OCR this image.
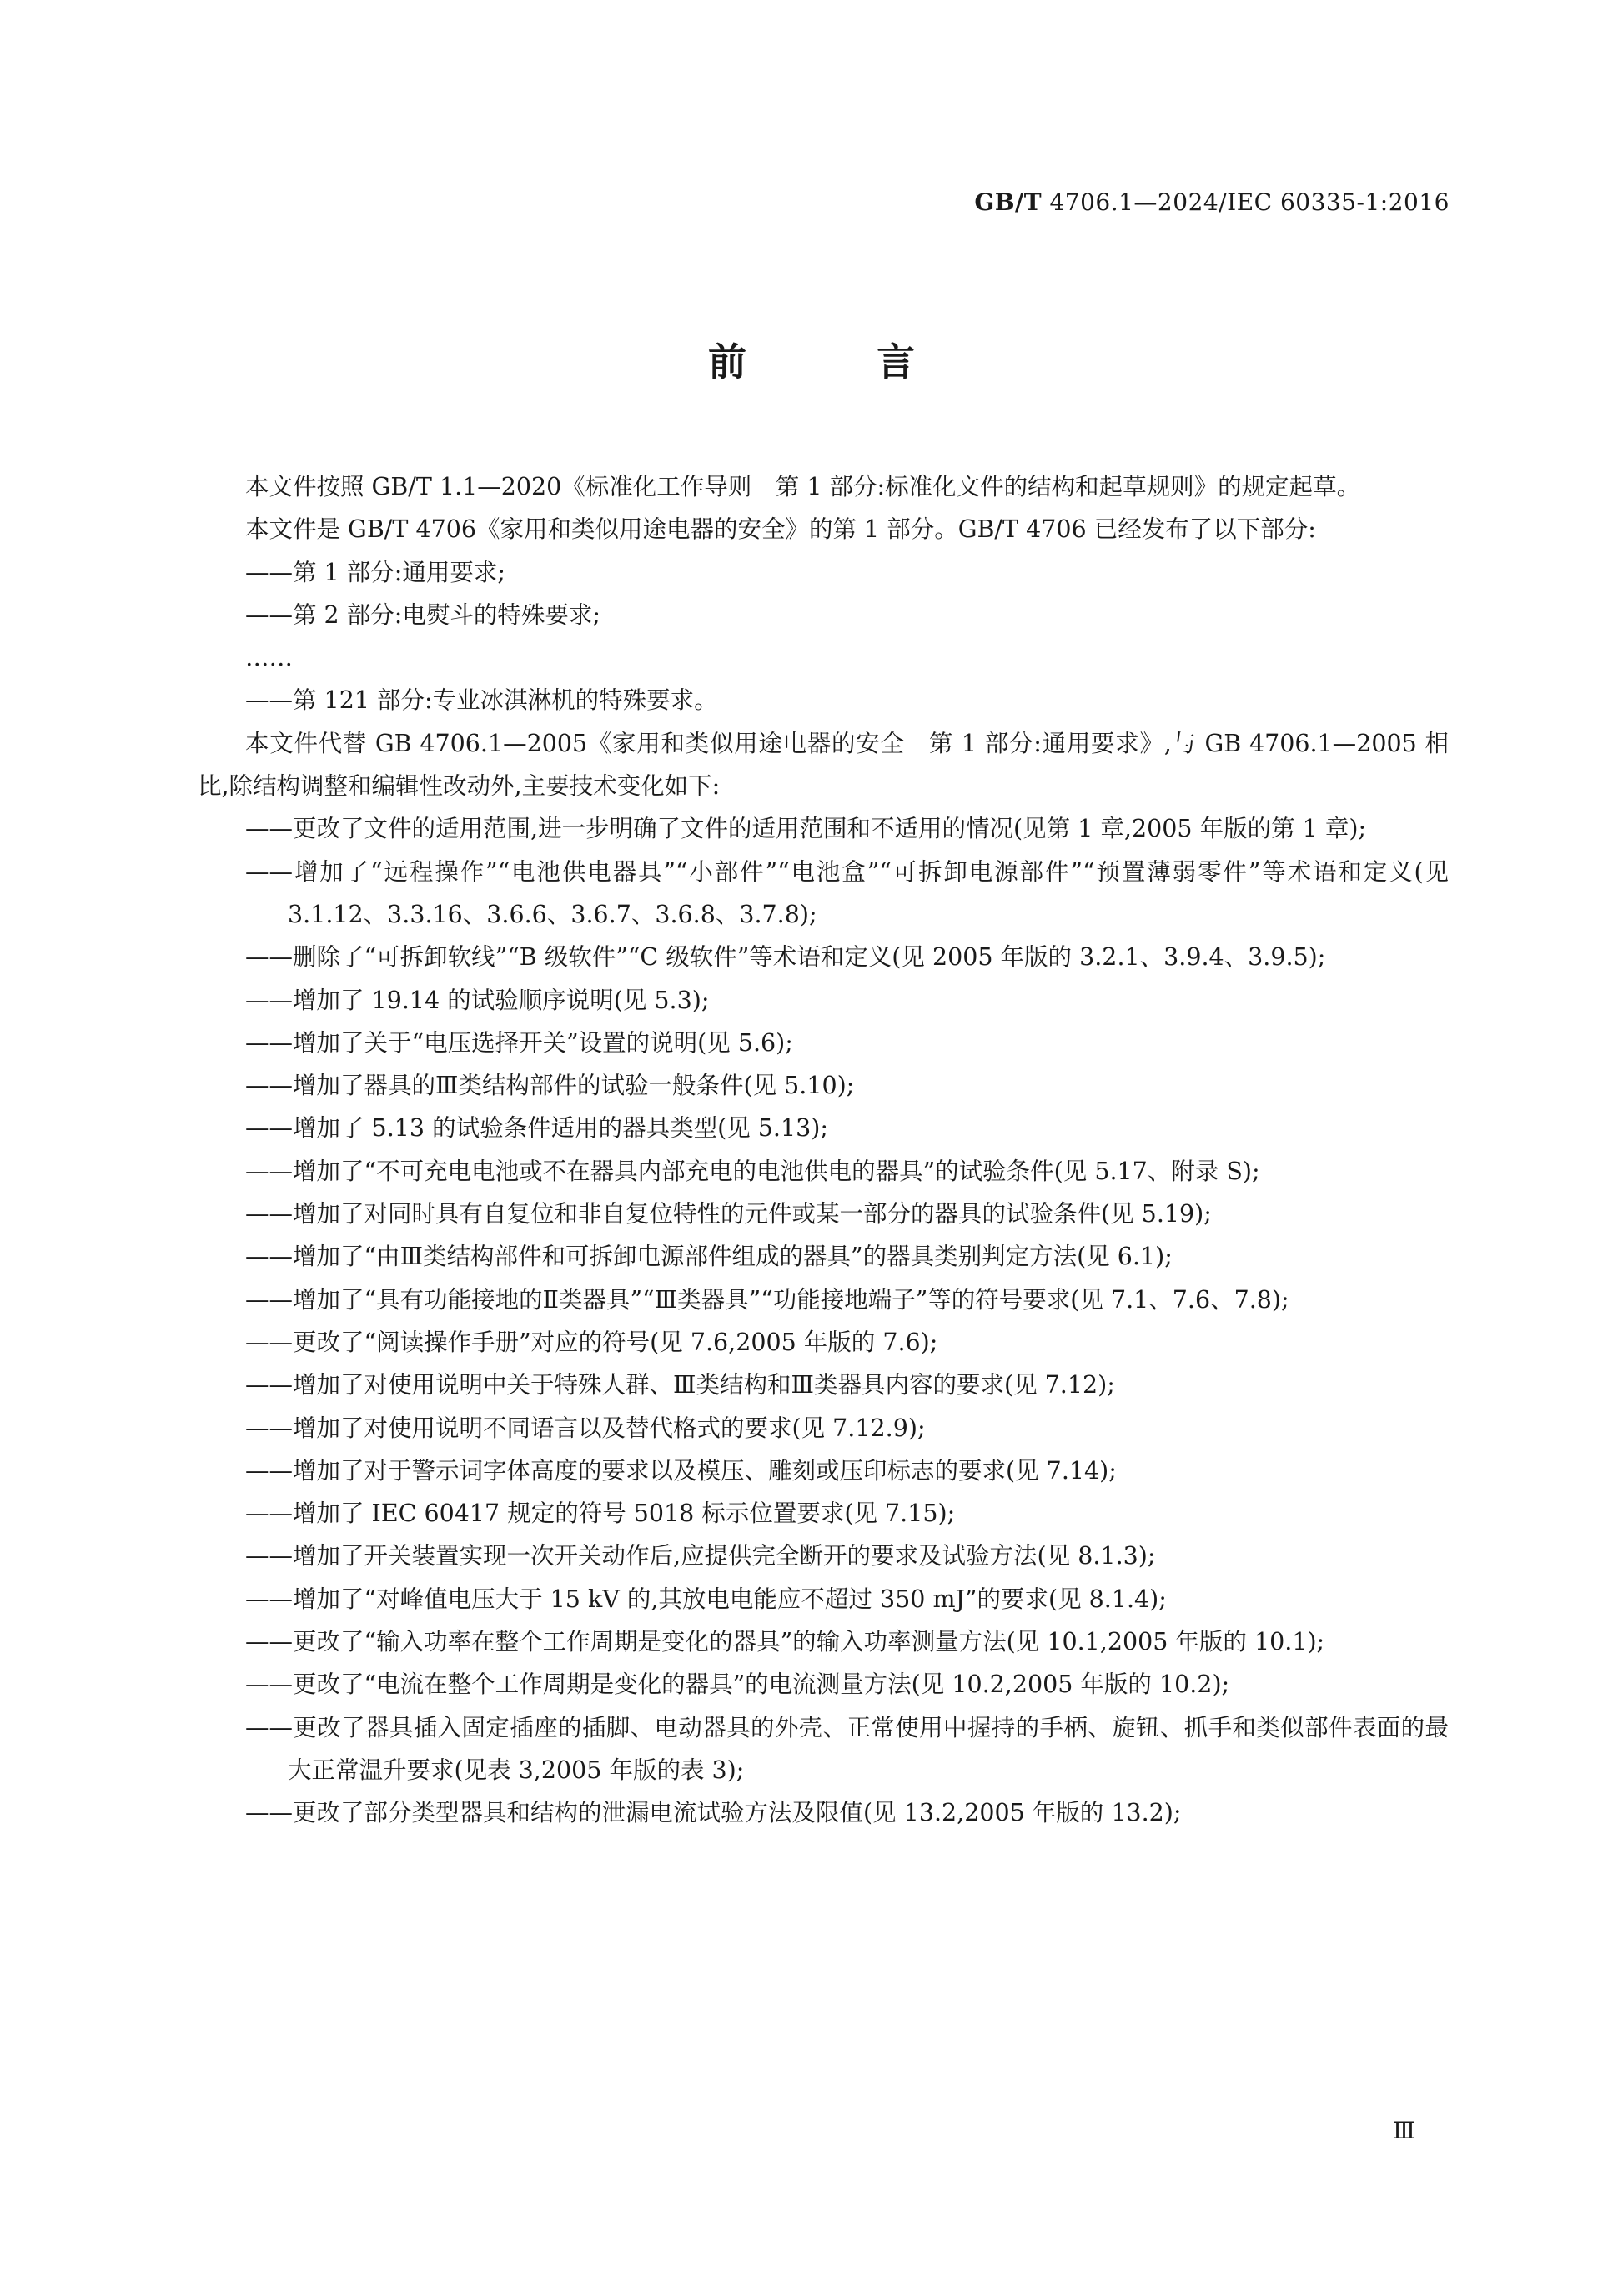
GB/T 4706.1—2024/IEC 60335-1:2016
前 言

本文件按照 GB/T 1.1—2020《标准化工作导则　第 1 部分:标准化文件的结构和起草规则》的规定起草。

本文件是 GB/T 4706《家用和类似用途电器的安全》的第 1 部分。GB/T 4706 已经发布了以下部分:

——第 1 部分:通用要求;

——第 2 部分:电熨斗的特殊要求;

……

——第 121 部分:专业冰淇淋机的特殊要求。

本文件代替 GB 4706.1—2005《家用和类似用途电器的安全　第 1 部分:通用要求》,与 GB 4706.1—2005 相比,除结构调整和编辑性改动外,主要技术变化如下:

——更改了文件的适用范围,进一步明确了文件的适用范围和不适用的情况(见第 1 章,2005 年版的第 1 章);

——增加了“远程操作”“电池供电器具”“小部件”“电池盒”“可拆卸电源部件”“预置薄弱零件”等术语和定义(见 3.1.12、3.3.16、3.6.6、3.6.7、3.6.8、3.7.8);

——删除了“可拆卸软线”“B 级软件”“C 级软件”等术语和定义(见 2005 年版的 3.2.1、3.9.4、3.9.5);

——增加了 19.14 的试验顺序说明(见 5.3);

——增加了关于“电压选择开关”设置的说明(见 5.6);

——增加了器具的Ⅲ类结构部件的试验一般条件(见 5.10);

——增加了 5.13 的试验条件适用的器具类型(见 5.13);

——增加了“不可充电电池或不在器具内部充电的电池供电的器具”的试验条件(见 5.17、附录 S);

——增加了对同时具有自复位和非自复位特性的元件或某一部分的器具的试验条件(见 5.19);

——增加了“由Ⅲ类结构部件和可拆卸电源部件组成的器具”的器具类别判定方法(见 6.1);

——增加了“具有功能接地的Ⅱ类器具”“Ⅲ类器具”“功能接地端子”等的符号要求(见 7.1、7.6、7.8);

——更改了“阅读操作手册”对应的符号(见 7.6,2005 年版的 7.6);

——增加了对使用说明中关于特殊人群、Ⅲ类结构和Ⅲ类器具内容的要求(见 7.12);

——增加了对使用说明不同语言以及替代格式的要求(见 7.12.9);

——增加了对于警示词字体高度的要求以及模压、雕刻或压印标志的要求(见 7.14);

——增加了 IEC 60417 规定的符号 5018 标示位置要求(见 7.15);

——增加了开关装置实现一次开关动作后,应提供完全断开的要求及试验方法(见 8.1.3);

——增加了“对峰值电压大于 15 kV 的,其放电电能应不超过 350 mJ”的要求(见 8.1.4);

——更改了“输入功率在整个工作周期是变化的器具”的输入功率测量方法(见 10.1,2005 年版的 10.1);

——更改了“电流在整个工作周期是变化的器具”的电流测量方法(见 10.2,2005 年版的 10.2);

——更改了器具插入固定插座的插脚、电动器具的外壳、正常使用中握持的手柄、旋钮、抓手和类似部件表面的最大正常温升要求(见表 3,2005 年版的表 3);

——更改了部分类型器具和结构的泄漏电流试验方法及限值(见 13.2,2005 年版的 13.2);

Ⅲ
